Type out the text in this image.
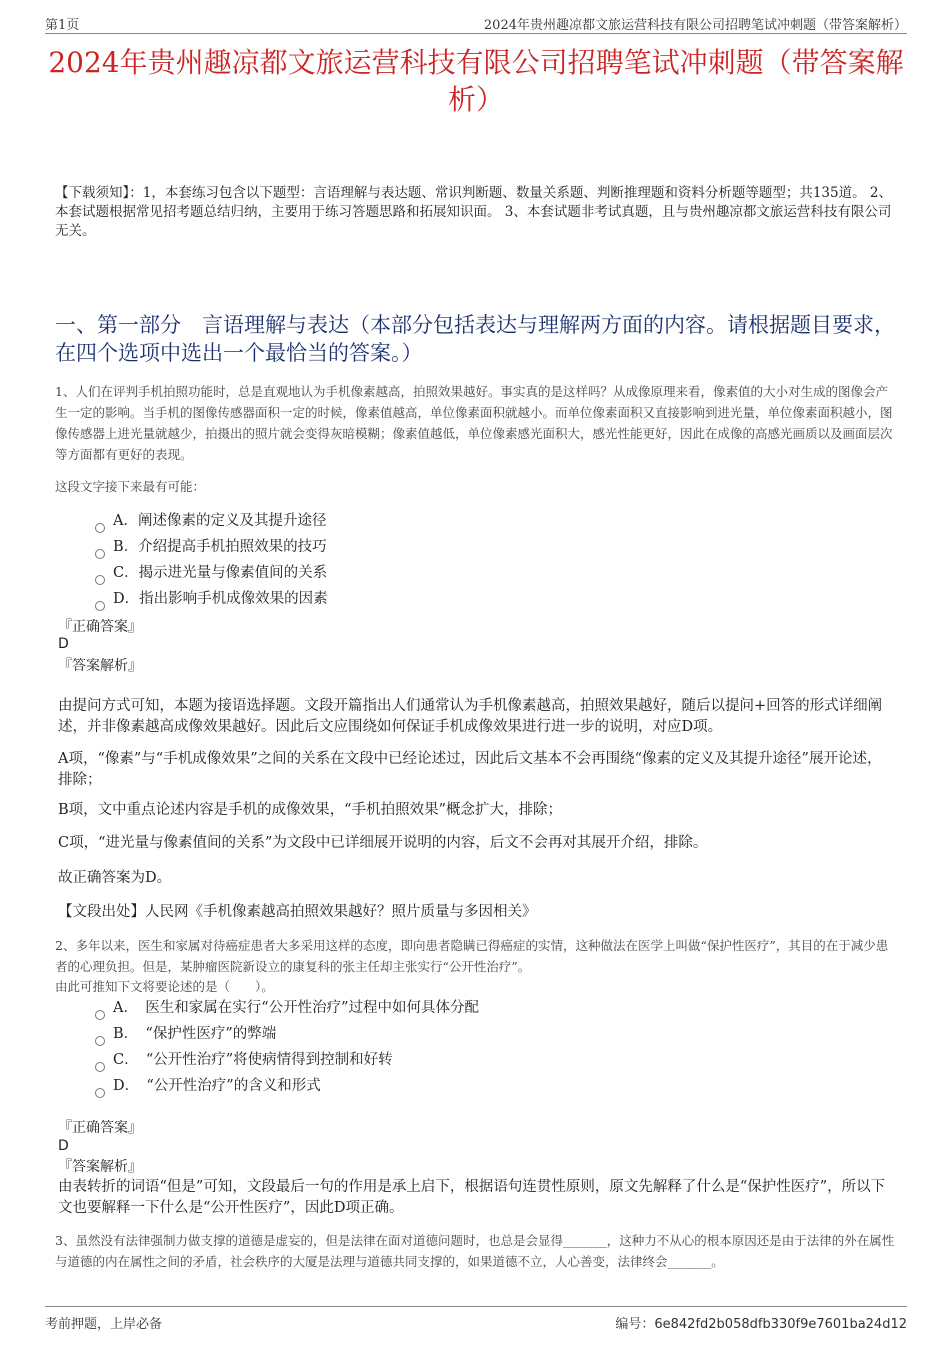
第1页	2024年贵州趣凉都文旅运营科技有限公司招聘笔试冲刺题（带答案解析）
2024年贵州趣凉都文旅运营科技有限公司招聘笔试冲刺题（带答案解析）
【下载须知】：1，本套练习包含以下题型：言语理解与表达题、常识判断题、数量关系题、判断推理题和资料分析题等题型；共135道。 2、本套试题根据常见招考题总结归纳，主要用于练习答题思路和拓展知识面。 3、本套试题非考试真题，且与贵州趣凉都文旅运营科技有限公司无关。
一、第一部分　言语理解与表达（本部分包括表达与理解两方面的内容。请根据题目要求，在四个选项中选出一个最恰当的答案。）
1、人们在评判手机拍照功能时，总是直观地认为手机像素越高，拍照效果越好。事实真的是这样吗？从成像原理来看，像素值的大小对生成的图像会产生一定的影响。当手机的图像传感器面积一定的时候，像素值越高，单位像素面积就越小。而单位像素面积又直接影响到进光量，单位像素面积越小，图像传感器上进光量就越少，拍摄出的照片就会变得灰暗模糊；像素值越低，单位像素感光面积大，感光性能更好，因此在成像的高感光画质以及画面层次等方面都有更好的表现。
这段文字接下来最有可能：
A．阐述像素的定义及其提升途径
B．介绍提高手机拍照效果的技巧
C．揭示进光量与像素值间的关系
D．指出影响手机成像效果的因素
『正确答案』
D
『答案解析』
由提问方式可知，本题为接语选择题。文段开篇指出人们通常认为手机像素越高，拍照效果越好，随后以提问+回答的形式详细阐述，并非像素越高成像效果越好。因此后文应围绕如何保证手机成像效果进行进一步的说明，对应D项。
A项，“像素”与“手机成像效果”之间的关系在文段中已经论述过，因此后文基本不会再围绕“像素的定义及其提升途径”展开论述，排除；
B项，文中重点论述内容是手机的成像效果，“手机拍照效果”概念扩大，排除；
C项，“进光量与像素值间的关系”为文段中已详细展开说明的内容，后文不会再对其展开介绍，排除。
故正确答案为D。
【文段出处】人民网《手机像素越高拍照效果越好？照片质量与多因相关》
2、多年以来，医生和家属对待癌症患者大多采用这样的态度，即向患者隐瞒已得癌症的实情，这种做法在医学上叫做“保护性医疗”，其目的在于减少患者的心理负担。但是，某肿瘤医院新设立的康复科的张主任却主张实行“公开性治疗”。
由此可推知下文将要论述的是（　　）。
A．　医生和家属在实行“公开性治疗”过程中如何具体分配
B．　“保护性医疗”的弊端
C．　“公开性治疗”将使病情得到控制和好转
D．　“公开性治疗”的含义和形式
『正确答案』
D
『答案解析』
由表转折的词语“但是”可知，文段最后一句的作用是承上启下，根据语句连贯性原则，原文先解释了什么是“保护性医疗”，所以下文也要解释一下什么是“公开性医疗”，因此D项正确。
3、虽然没有法律强制力做支撑的道德是虚妄的，但是法律在面对道德问题时，也总是会显得_______，这种力不从心的根本原因还是由于法律的外在属性与道德的内在属性之间的矛盾，社会秩序的大厦是法理与道德共同支撑的，如果道德不立，人心善变，法律终会_______。
考前押题，上岸必备	编号：6e842fd2b058dfb330f9e7601ba24d12
